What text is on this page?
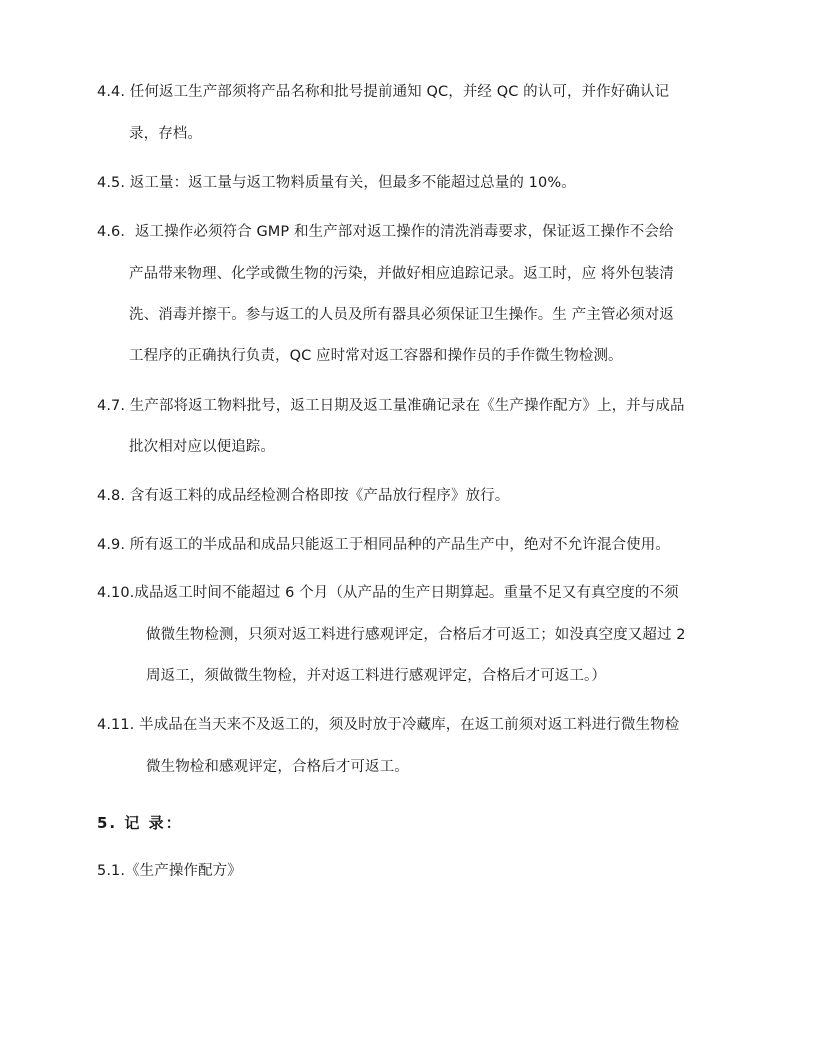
4.4. 任何返工生产部须将产品名称和批号提前通知 QC，并经 QC 的认可，并作好确认记
录，存档。
4.5. 返工量：返工量与返工物料质量有关，但最多不能超过总量的 10%。
4.6．返工操作必须符合 GMP 和生产部对返工操作的清洗消毒要求，保证返工操作不会给
产品带来物理、化学或微生物的污染，并做好相应追踪记录。返工时，应 将外包装清
洗、消毒并擦干。参与返工的人员及所有器具必须保证卫生操作。生 产主管必须对返
工程序的正确执行负责，QC 应时常对返工容器和操作员的手作微生物检测。
4.7. 生产部将返工物料批号，返工日期及返工量准确记录在《生产操作配方》上，并与成品
批次相对应以便追踪。
4.8. 含有返工料的成品经检测合格即按《产品放行程序》放行。
4.9. 所有返工的半成品和成品只能返工于相同品种的产品生产中，绝对不允许混合使用。
4.10.成品返工时间不能超过 6 个月（从产品的生产日期算起。重量不足又有真空度的不须
做微生物检测，只须对返工料进行感观评定，合格后才可返工；如没真空度又超过 2
周返工，须做微生物检，并对返工料进行感观评定，合格后才可返工。）
4.11. 半成品在当天来不及返工的，须及时放于冷藏库，在返工前须对返工料进行微生物检
微生物检和感观评定，合格后才可返工。
5. 记 录：
5.1.《生产操作配方》
